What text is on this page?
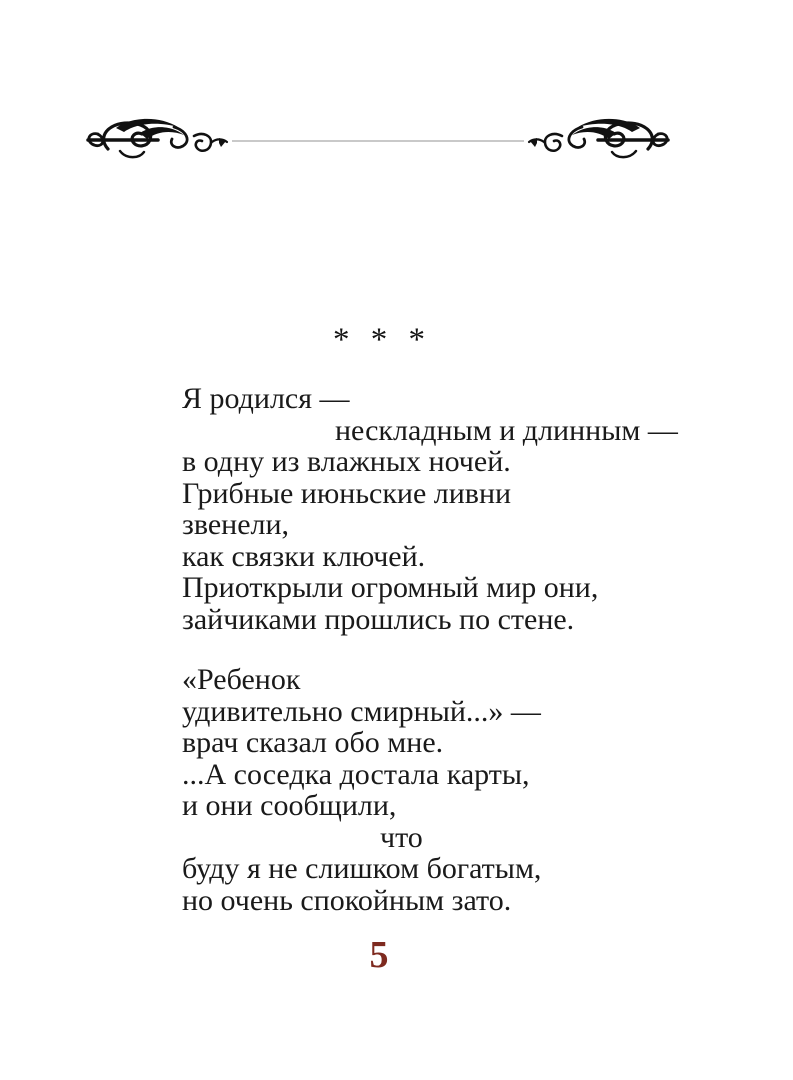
* * *

Я родился —

нескладным и длинным —

в одну из влажных ночей.

Грибные июньские ливни

звенели,

как связки ключей.

Приоткрыли огромный мир они,

зайчиками прошлись по стене.

«Ребенок

удивительно смирный...» —

врач сказал обо мне.

...А соседка достала карты,

и они сообщили,

что

буду я не слишком богатым,

но очень спокойным зато.

5
